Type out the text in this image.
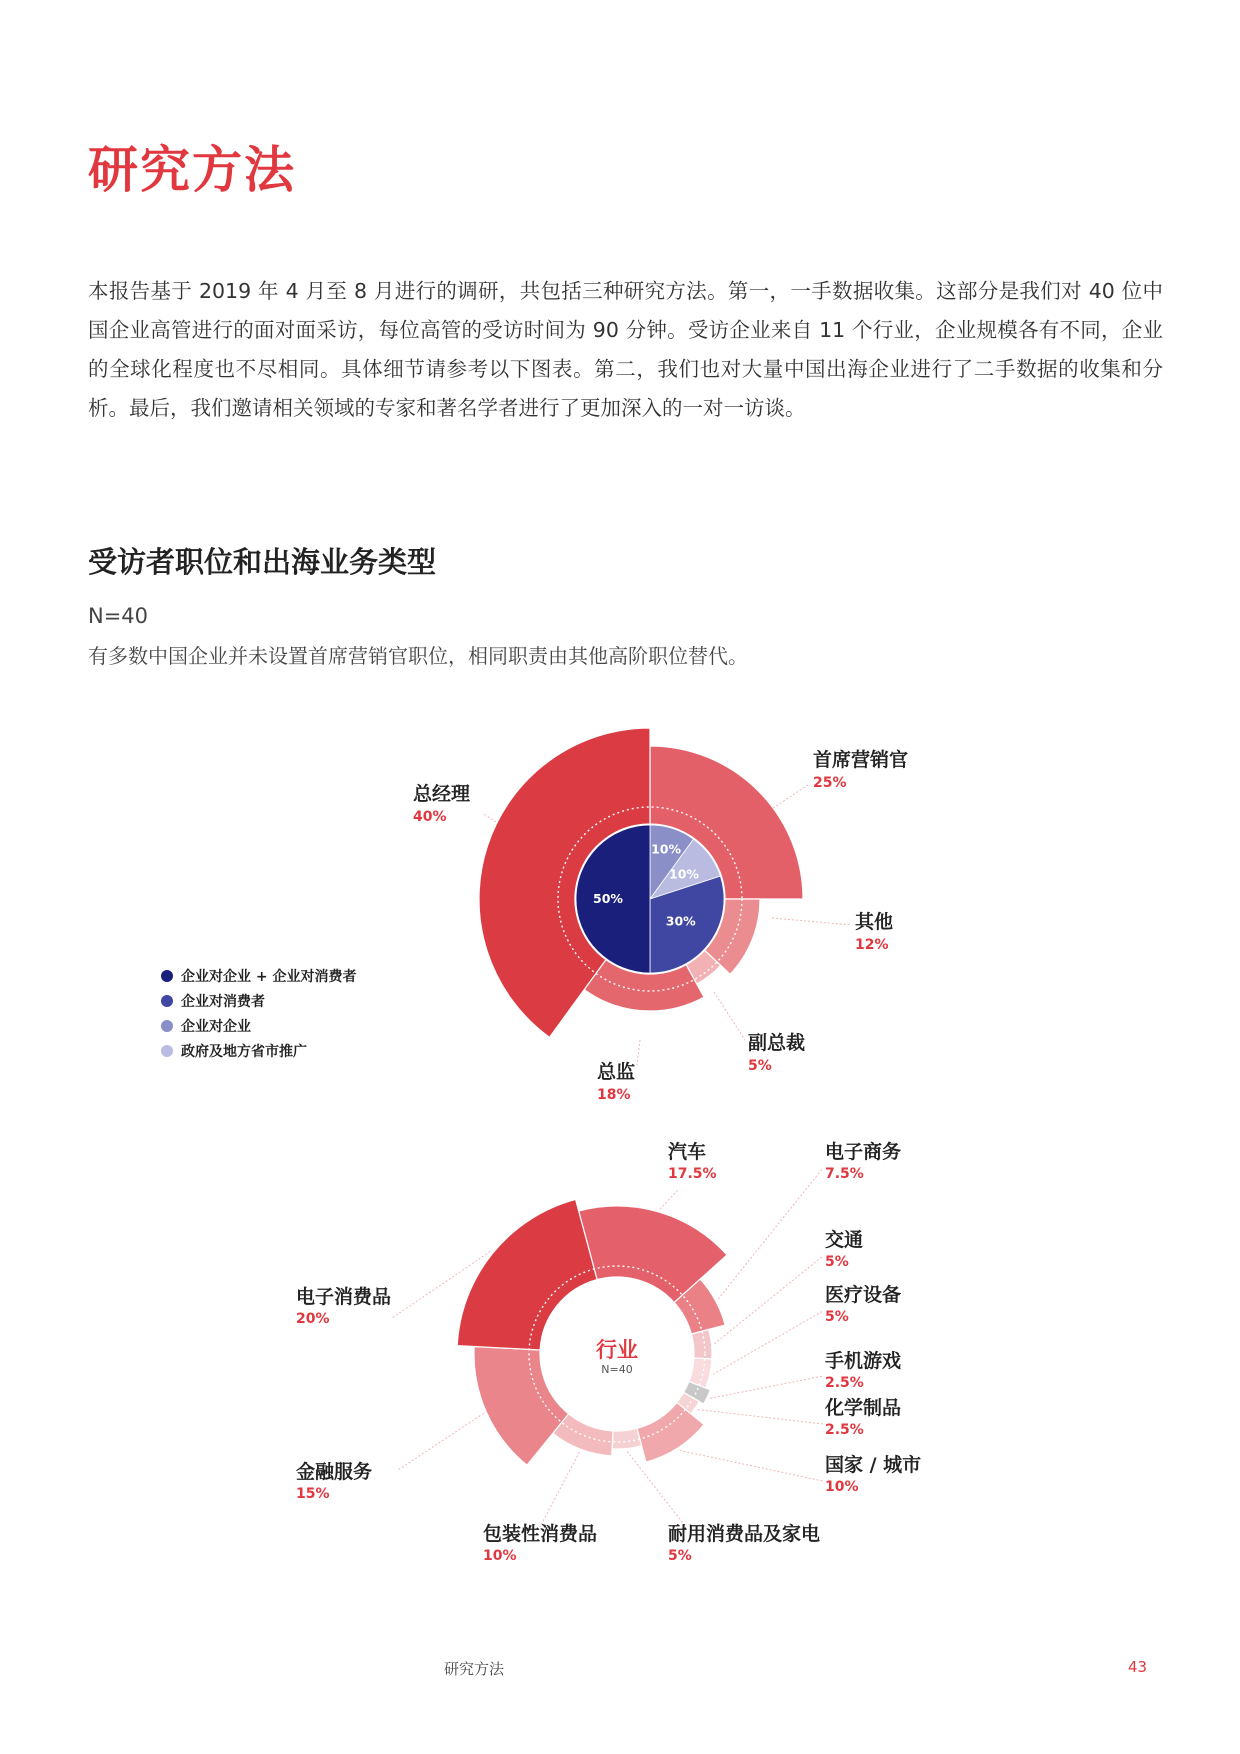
研究方法
本报告基于 2019 年 4 月至 8 月进行的调研，共包括三种研究方法。第一，一手数据收集。这部分是我们对 40 位中国企业高管进行的面对面采访，每位高管的受访时间为 90 分钟。受访企业来自 11 个行业，企业规模各有不同，企业的全球化程度也不尽相同。具体细节请参考以下图表。第二，我们也对大量中国出海企业进行了二手数据的收集和分析。最后，我们邀请相关领域的专家和著名学者进行了更加深入的一对一访谈。
受访者职位和出海业务类型
N=40
有多数中国企业并未设置首席营销官职位，相同职责由其他高阶职位替代。
10%
10%
30%
50%
总经理
40%
首席营销官
25%
其他
12%
副总裁
5%
总监
18%
企业对企业 + 企业对消费者
企业对消费者
企业对企业
政府及地方省市推广
行业
N=40
汽车
17.5%
电子商务
7.5%
交通
5%
医疗设备
5%
手机游戏
2.5%
化学制品
2.5%
国家 / 城市
10%
耐用消费品及家电
5%
包装性消费品
10%
金融服务
15%
电子消费品
20%
研究方法	43
